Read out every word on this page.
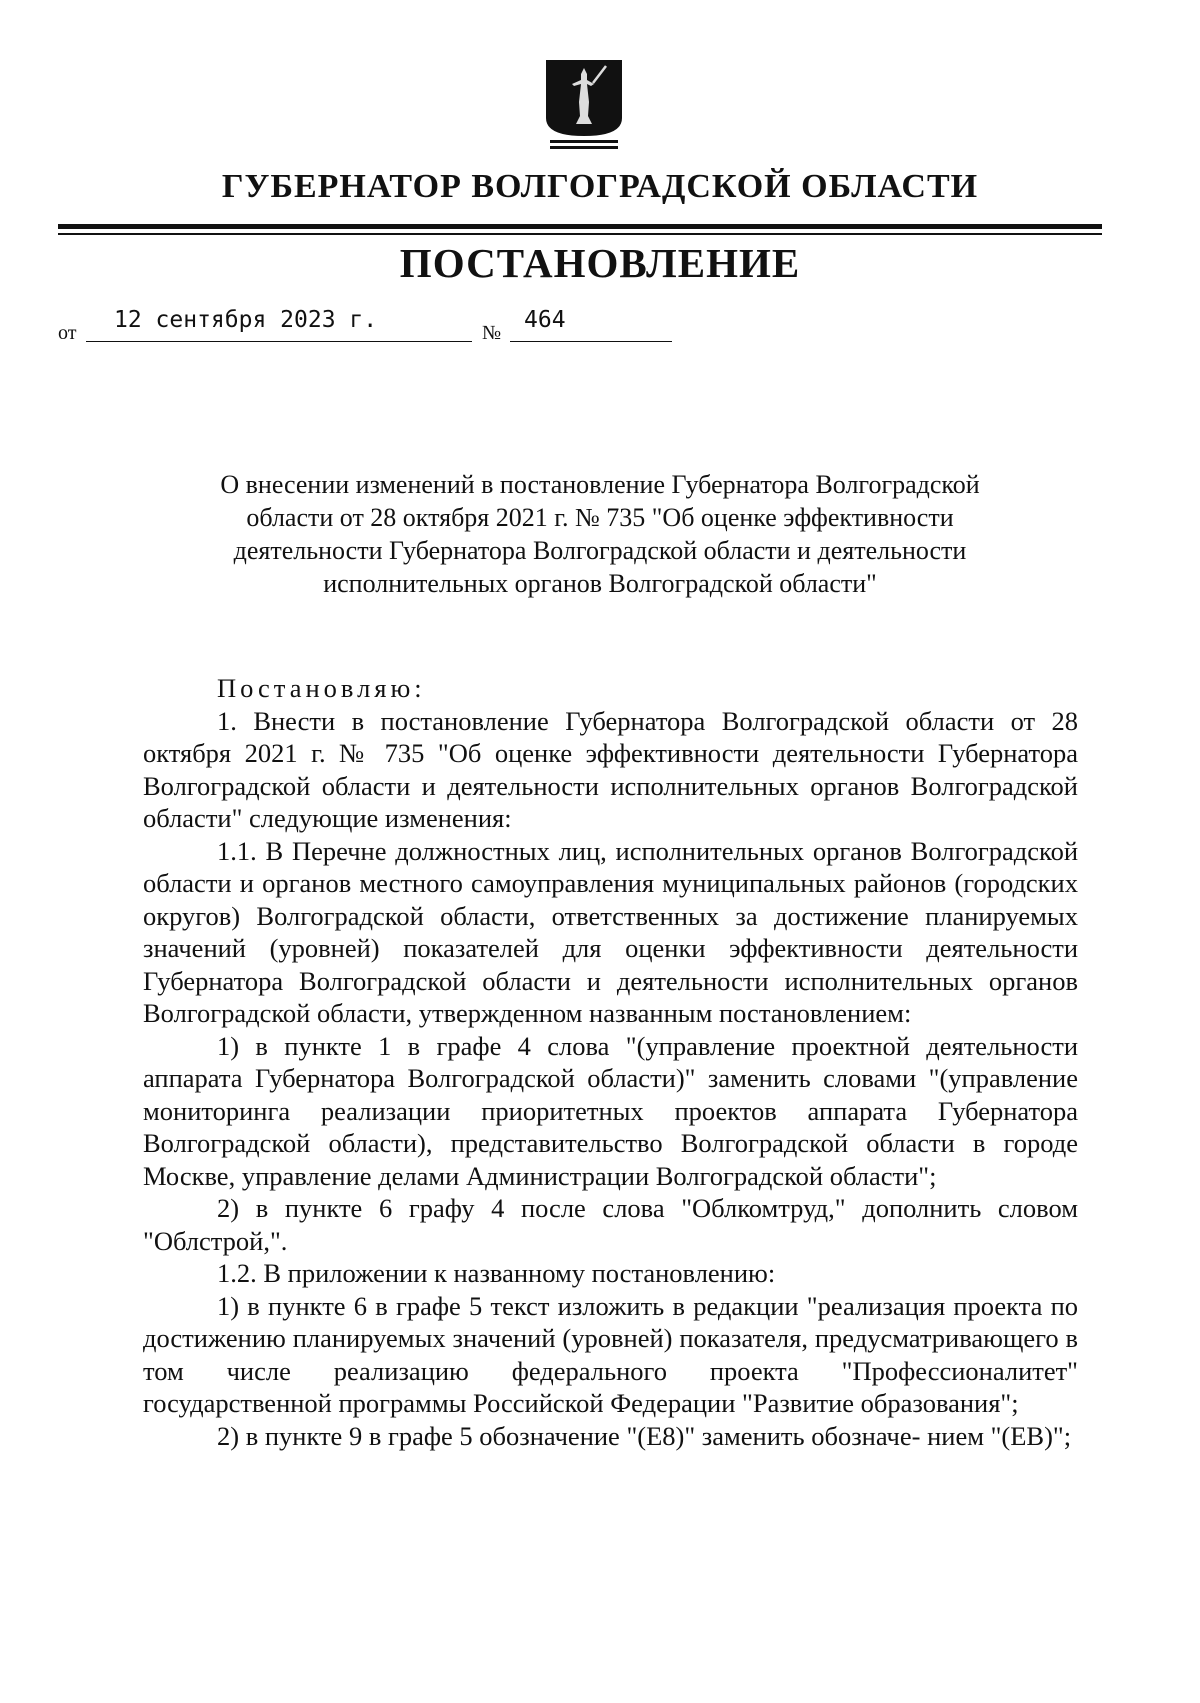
ГУБЕРНАТОР ВОЛГОГРАДСКОЙ ОБЛАСТИ
ПОСТАНОВЛЕНИЕ
от 12 сентября 2023 г.	№ 464
О внесении изменений в постановление Губернатора Волгоградской
области от 28 октября 2021 г. № 735 "Об оценке эффективности
деятельности Губернатора Волгоградской области и деятельности
исполнительных органов Волгоградской области"

Постановляю:

1. Внести в постановление Губернатора Волгоградской области от 28 октября 2021 г. № 735 "Об оценке эффективности деятельности Губернатора Волгоградской области и деятельности исполнительных органов Волгоградской области" следующие изменения:

1.1. В Перечне должностных лиц, исполнительных органов Волгоградской области и органов местного самоуправления муниципальных районов (городских округов) Волгоградской области, ответственных за достижение планируемых значений (уровней) показателей для оценки эффективности деятельности Губернатора Волгоградской области и деятельности исполнительных органов Волгоградской области, утвержденном названным постановлением:

1) в пункте 1 в графе 4 слова "(управление проектной деятельности аппарата Губернатора Волгоградской области)" заменить словами "(управление мониторинга реализации приоритетных проектов аппарата Губернатора Волгоградской области), представительство Волгоградской области в городе Москве, управление делами Администрации Волгоградской области";

2) в пункте 6 графу 4 после слова "Облкомтруд," дополнить словом "Облстрой,".

1.2. В приложении к названному постановлению:

1) в пункте 6 в графе 5 текст изложить в редакции "реализация проекта по достижению планируемых значений (уровней) показателя, предусматривающего в том числе реализацию федерального проекта "Профессионалитет" государственной программы Российской Федерации "Развитие образования";

2) в пункте 9 в графе 5 обозначение "(Е8)" заменить обозначе- нием "(ЕВ)";
